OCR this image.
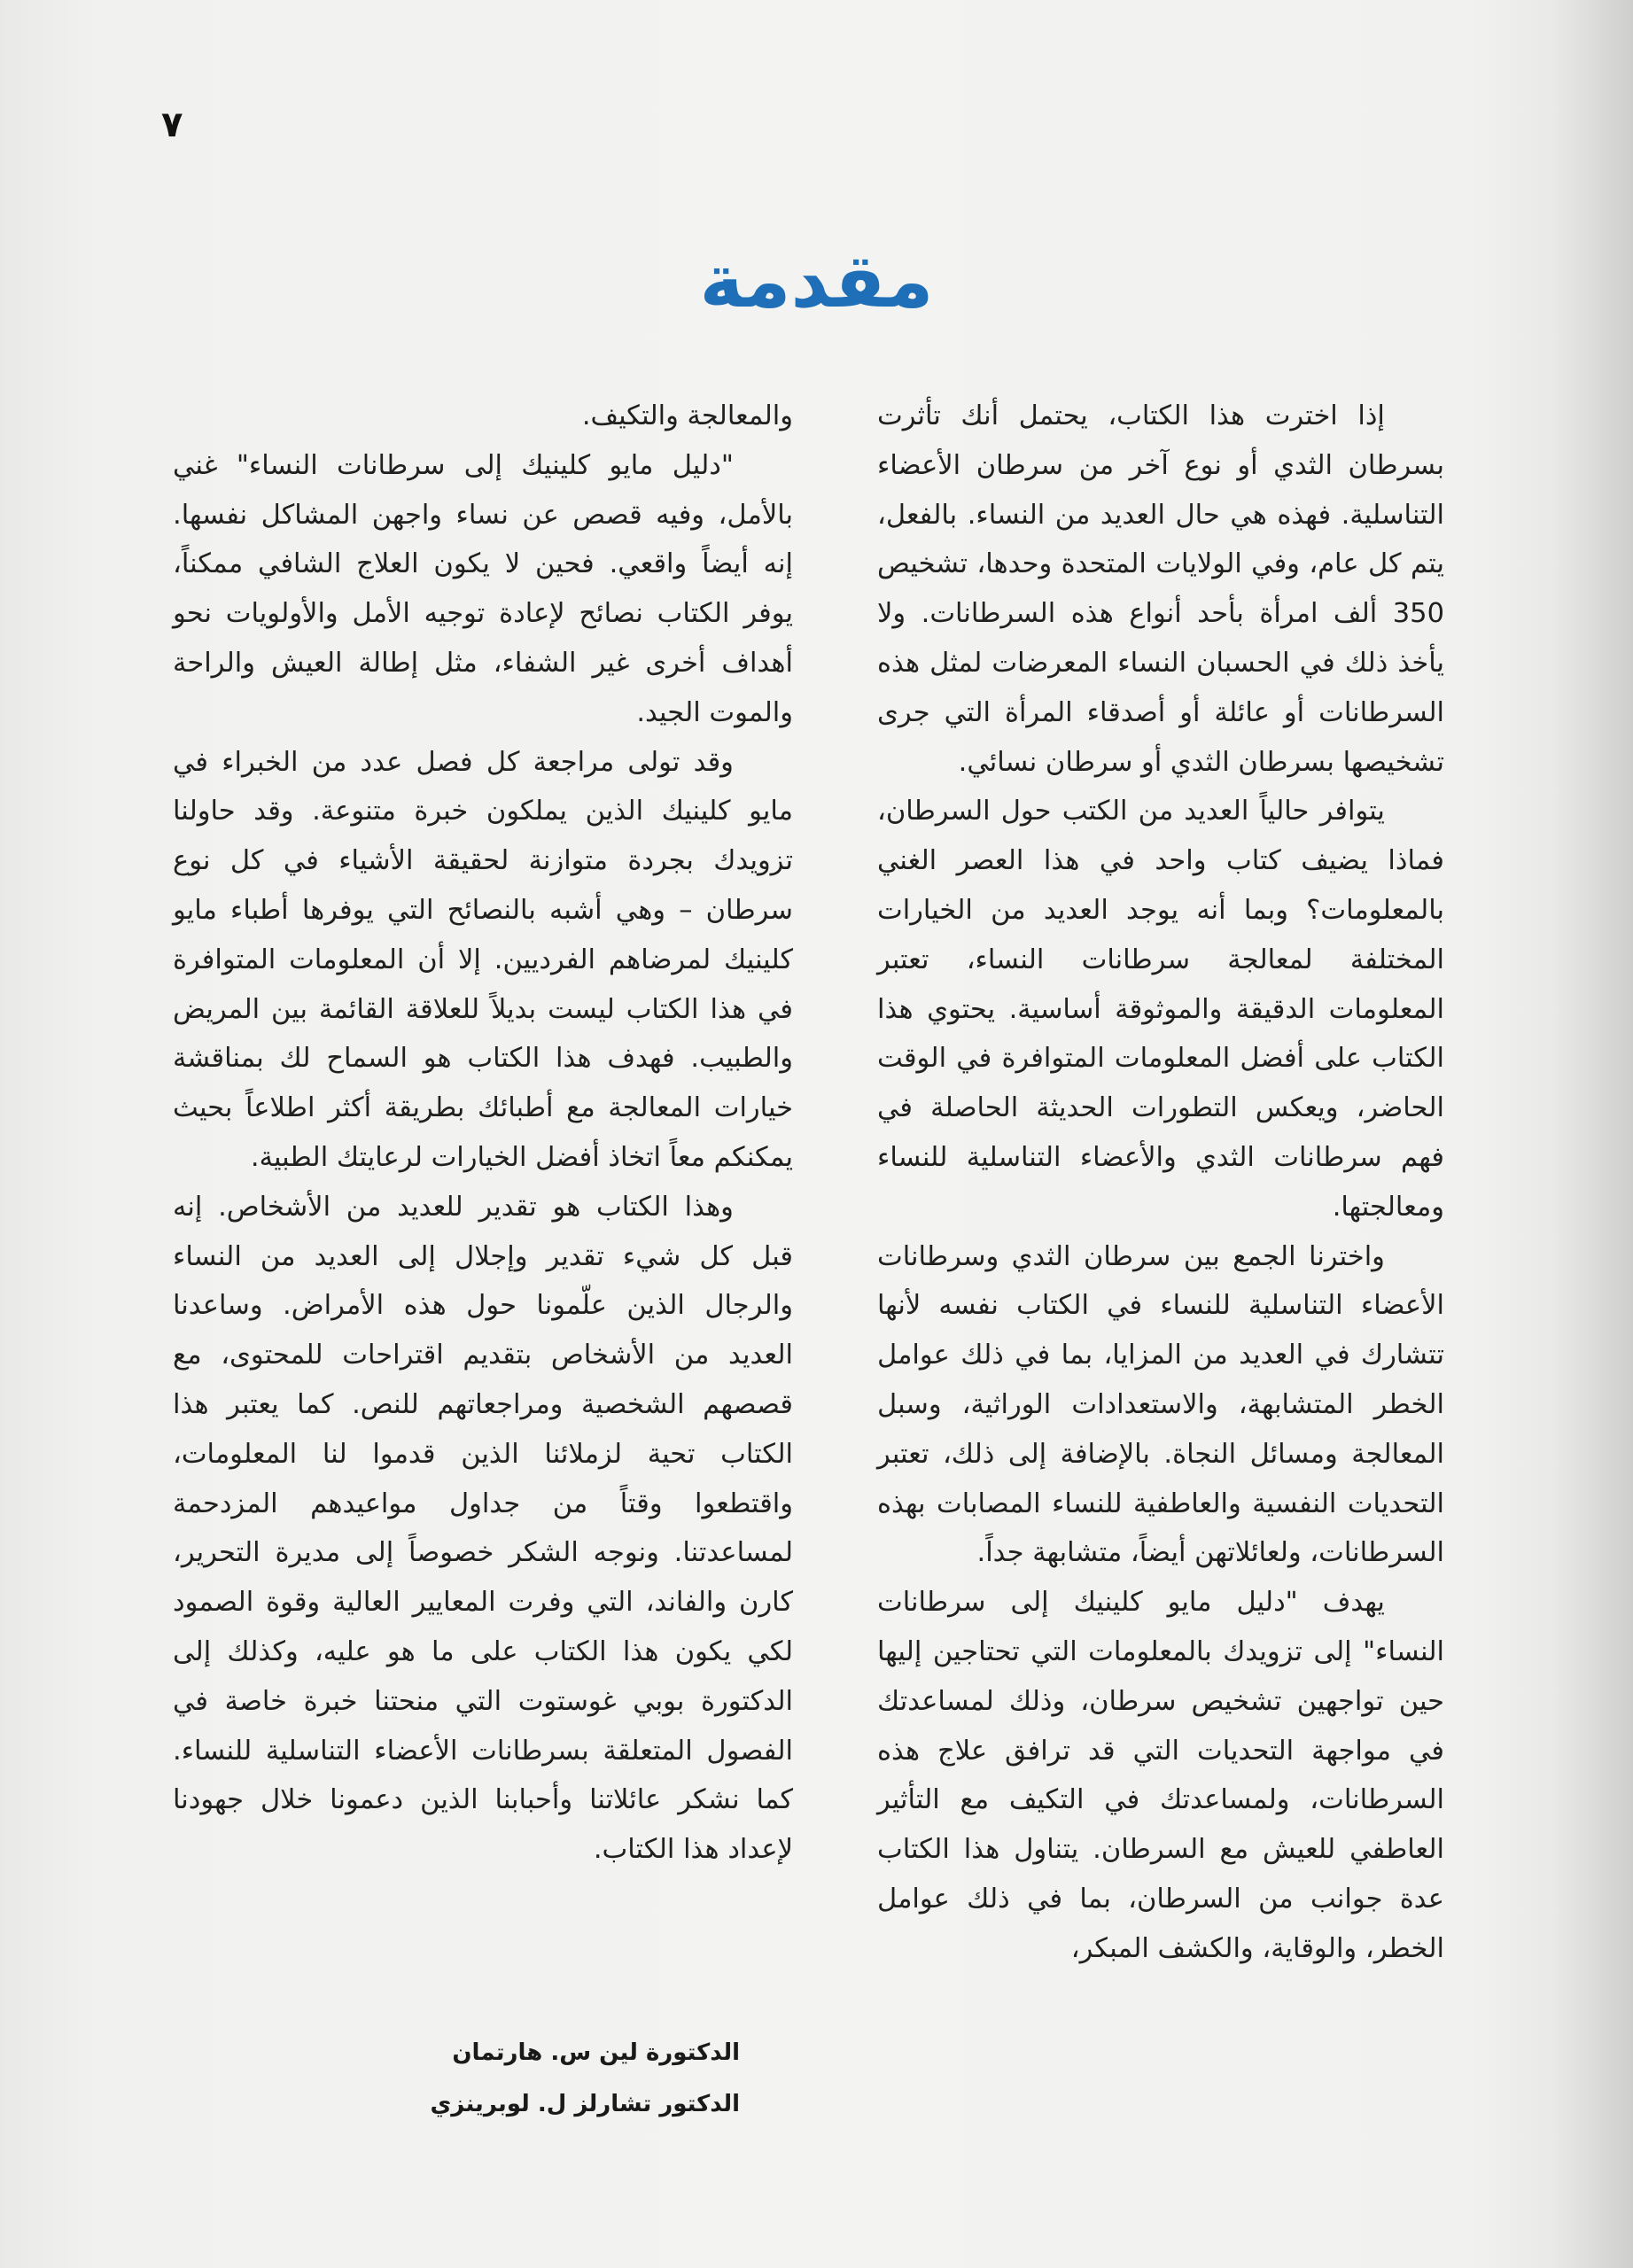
٧
مقدمة

إذا اخترت هذا الكتاب، يحتمل أنك تأثرت بسرطان الثدي أو نوع آخر من سرطان الأعضاء التناسلية. فهذه هي حال العديد من النساء. بالفعل، يتم كل عام، وفي الولايات المتحدة وحدها، تشخيص 350 ألف امرأة بأحد أنواع هذه السرطانات. ولا يأخذ ذلك في الحسبان النساء المعرضات لمثل هذه السرطانات أو عائلة أو أصدقاء المرأة التي جرى تشخيصها بسرطان الثدي أو سرطان نسائي.

يتوافر حالياً العديد من الكتب حول السرطان، فماذا يضيف كتاب واحد في هذا العصر الغني بالمعلومات؟ وبما أنه يوجد العديد من الخيارات المختلفة لمعالجة سرطانات النساء، تعتبر المعلومات الدقيقة والموثوقة أساسية. يحتوي هذا الكتاب على أفضل المعلومات المتوافرة في الوقت الحاضر، ويعكس التطورات الحديثة الحاصلة في فهم سرطانات الثدي والأعضاء التناسلية للنساء ومعالجتها.

واخترنا الجمع بين سرطان الثدي وسرطانات الأعضاء التناسلية للنساء في الكتاب نفسه لأنها تتشارك في العديد من المزايا، بما في ذلك عوامل الخطر المتشابهة، والاستعدادات الوراثية، وسبل المعالجة ومسائل النجاة. بالإضافة إلى ذلك، تعتبر التحديات النفسية والعاطفية للنساء المصابات بهذه السرطانات، ولعائلاتهن أيضاً، متشابهة جداً.

يهدف "دليل مايو كلينيك إلى سرطانات النساء" إلى تزويدك بالمعلومات التي تحتاجين إليها حين تواجهين تشخيص سرطان، وذلك لمساعدتك في مواجهة التحديات التي قد ترافق علاج هذه السرطانات، ولمساعدتك في التكيف مع التأثير العاطفي للعيش مع السرطان. يتناول هذا الكتاب عدة جوانب من السرطان، بما في ذلك عوامل الخطر، والوقاية، والكشف المبكر،

والمعالجة والتكيف.

"دليل مايو كلينيك إلى سرطانات النساء" غني بالأمل، وفيه قصص عن نساء واجهن المشاكل نفسها. إنه أيضاً واقعي. فحين لا يكون العلاج الشافي ممكناً، يوفر الكتاب نصائح لإعادة توجيه الأمل والأولويات نحو أهداف أخرى غير الشفاء، مثل إطالة العيش والراحة والموت الجيد.

وقد تولى مراجعة كل فصل عدد من الخبراء في مايو كلينيك الذين يملكون خبرة متنوعة. وقد حاولنا تزويدك بجردة متوازنة لحقيقة الأشياء في كل نوع سرطان – وهي أشبه بالنصائح التي يوفرها أطباء مايو كلينيك لمرضاهم الفرديين. إلا أن المعلومات المتوافرة في هذا الكتاب ليست بديلاً للعلاقة القائمة بين المريض والطبيب. فهدف هذا الكتاب هو السماح لك بمناقشة خيارات المعالجة مع أطبائك بطريقة أكثر اطلاعاً بحيث يمكنكم معاً اتخاذ أفضل الخيارات لرعايتك الطبية.

وهذا الكتاب هو تقدير للعديد من الأشخاص. إنه قبل كل شيء تقدير وإجلال إلى العديد من النساء والرجال الذين علّمونا حول هذه الأمراض. وساعدنا العديد من الأشخاص بتقديم اقتراحات للمحتوى، مع قصصهم الشخصية ومراجعاتهم للنص. كما يعتبر هذا الكتاب تحية لزملائنا الذين قدموا لنا المعلومات، واقتطعوا وقتاً من جداول مواعيدهم المزدحمة لمساعدتنا. ونوجه الشكر خصوصاً إلى مديرة التحرير، كارن والفاند، التي وفرت المعايير العالية وقوة الصمود لكي يكون هذا الكتاب على ما هو عليه، وكذلك إلى الدكتورة بوبي غوستوت التي منحتنا خبرة خاصة في الفصول المتعلقة بسرطانات الأعضاء التناسلية للنساء. كما نشكر عائلاتنا وأحبابنا الذين دعمونا خلال جهودنا لإعداد هذا الكتاب.

الدكتورة لين س. هارتمان
الدكتور تشارلز ل. لوبرينزي
